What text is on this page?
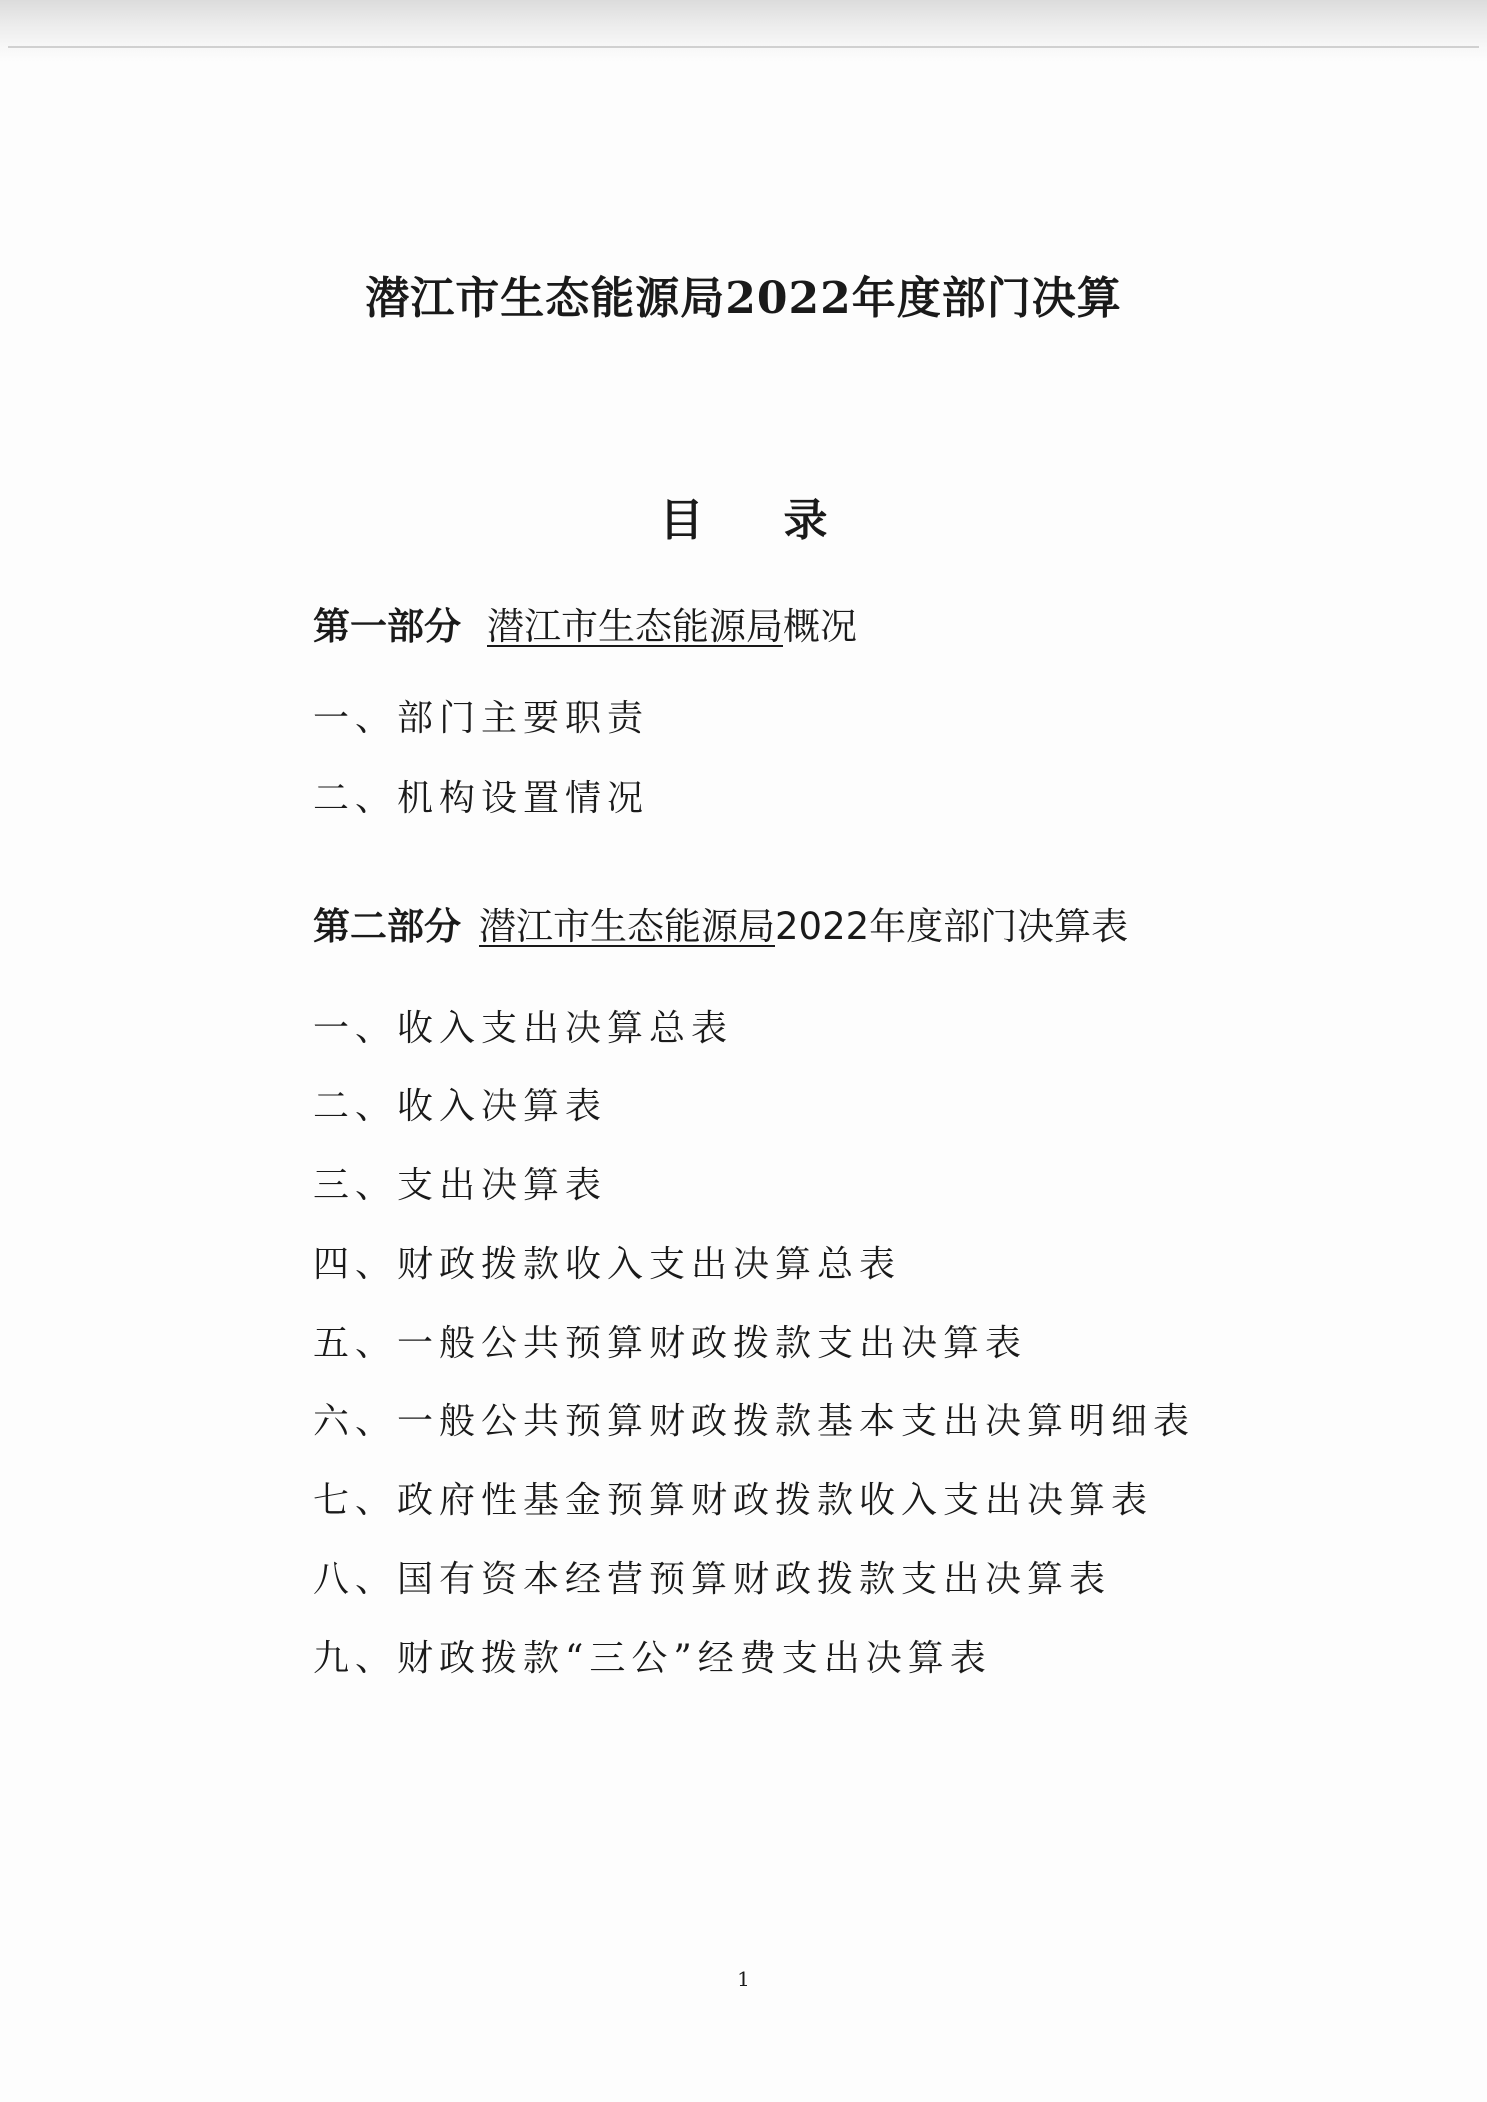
潜江市生态能源局2022年度部门决算
目录
第一部分 潜江市生态能源局概况
一、部门主要职责
二、机构设置情况
第二部分 潜江市生态能源局2022年度部门决算表
一、收入支出决算总表
二、收入决算表
三、支出决算表
四、财政拨款收入支出决算总表
五、一般公共预算财政拨款支出决算表
六、一般公共预算财政拨款基本支出决算明细表
七、政府性基金预算财政拨款收入支出决算表
八、国有资本经营预算财政拨款支出决算表
九、财政拨款“三公”经费支出决算表
1
